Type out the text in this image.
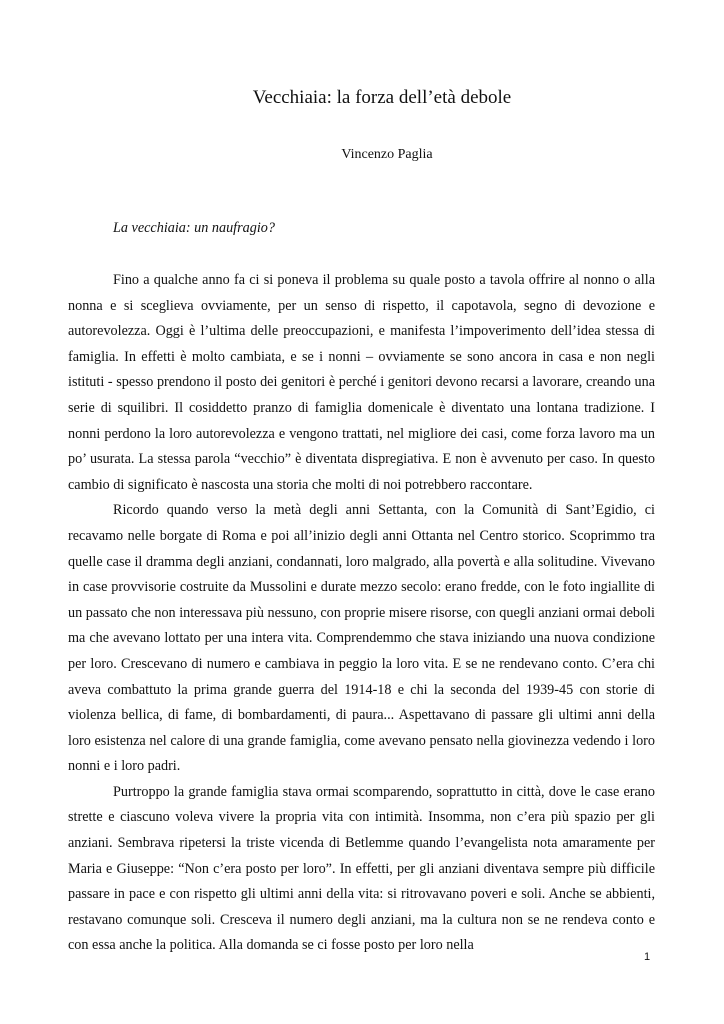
Vecchiaia: la forza dell’età debole
Vincenzo Paglia
La vecchiaia: un naufragio?

Fino a qualche anno fa ci si poneva il problema su quale posto a tavola offrire al nonno o alla nonna e si sceglieva ovviamente, per un senso di rispetto, il capotavola, segno di devozione e autorevolezza. Oggi è l’ultima delle preoccupazioni, e manifesta l’impoverimento dell’idea stessa di famiglia. In effetti è molto cambiata, e se i nonni – ovviamente se sono ancora in casa e non negli istituti - spesso prendono il posto dei genitori è perché i genitori devono recarsi a lavorare, creando una serie di squilibri. Il cosiddetto pranzo di famiglia domenicale è diventato una lontana tradizione. I nonni perdono la loro autorevolezza e vengono trattati, nel migliore dei casi, come forza lavoro ma un po’ usurata. La stessa parola “vecchio” è diventata dispregiativa. E non è avvenuto per caso. In questo cambio di significato è nascosta una storia che molti di noi potrebbero raccontare.

Ricordo quando verso la metà degli anni Settanta, con la Comunità di Sant’Egidio, ci recavamo nelle borgate di Roma e poi all’inizio degli anni Ottanta nel Centro storico. Scoprimmo tra quelle case il dramma degli anziani, condannati, loro malgrado, alla povertà e alla solitudine. Vivevano in case provvisorie costruite da Mussolini e durate mezzo secolo: erano fredde, con le foto ingiallite di un passato che non interessava più nessuno, con proprie misere risorse, con quegli anziani ormai deboli ma che avevano lottato per una intera vita. Comprendemmo che stava iniziando una nuova condizione per loro. Crescevano di numero e cambiava in peggio la loro vita. E se ne rendevano conto. C’era chi aveva combattuto la prima grande guerra del 1914-18 e chi la seconda del 1939-45 con storie di violenza bellica, di fame, di bombardamenti, di paura... Aspettavano di passare gli ultimi anni della loro esistenza nel calore di una grande famiglia, come avevano pensato nella giovinezza vedendo i loro nonni e i loro padri.

Purtroppo la grande famiglia stava ormai scomparendo, soprattutto in città, dove le case erano strette e ciascuno voleva vivere la propria vita con intimità. Insomma, non c’era più spazio per gli anziani. Sembrava ripetersi la triste vicenda di Betlemme quando l’evangelista nota amaramente per Maria e Giuseppe: “Non c’era posto per loro”. In effetti, per gli anziani diventava sempre più difficile passare in pace e con rispetto gli ultimi anni della vita: si ritrovavano poveri e soli. Anche se abbienti, restavano comunque soli. Cresceva il numero degli anziani, ma la cultura non se ne rendeva conto e con essa anche la politica. Alla domanda se ci fosse posto per loro nella

1
